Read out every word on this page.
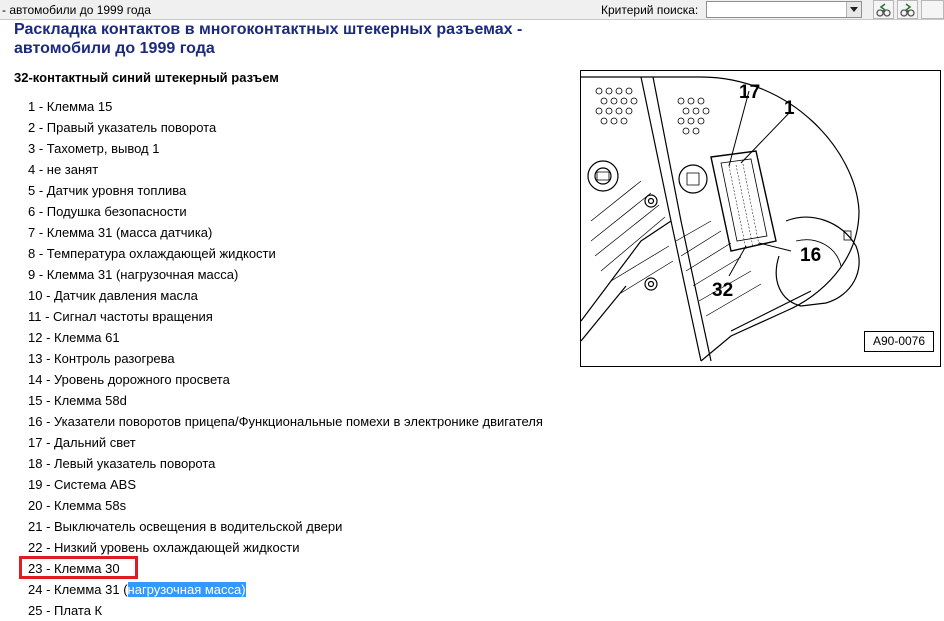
- автомобили до 1999 года	Критерий поиска:
Раскладка контактов в многоконтактных штекерных разъемах -
автомобили до 1999 года
32-контактный синий штекерный разъем
1 - Клемма 15
2 - Правый указатель поворота
3 - Тахометр, вывод 1
4 - не занят
5 - Датчик уровня топлива
6 - Подушка безопасности
7 - Клемма 31 (масса датчика)
8 - Температура охлаждающей жидкости
9 - Клемма 31 (нагрузочная масса)
10 - Датчик давления масла
11 - Сигнал частоты вращения
12 - Клемма 61
13 - Контроль разогрева
14 - Уровень дорожного просвета
15 - Клемма 58d
16 - Указатели поворотов прицепа/Функциональные помехи в электронике двигателя
17 - Дальний свет
18 - Левый указатель поворота
19 - Система ABS
20 - Клемма 58s
21 - Выключатель освещения в водительской двери
22 - Низкий уровень охлаждающей жидкости
23 - Клемма 30
24 - Клемма 31 (нагрузочная масса)
25 - Плата К
17
1
16
32
A90-0076
